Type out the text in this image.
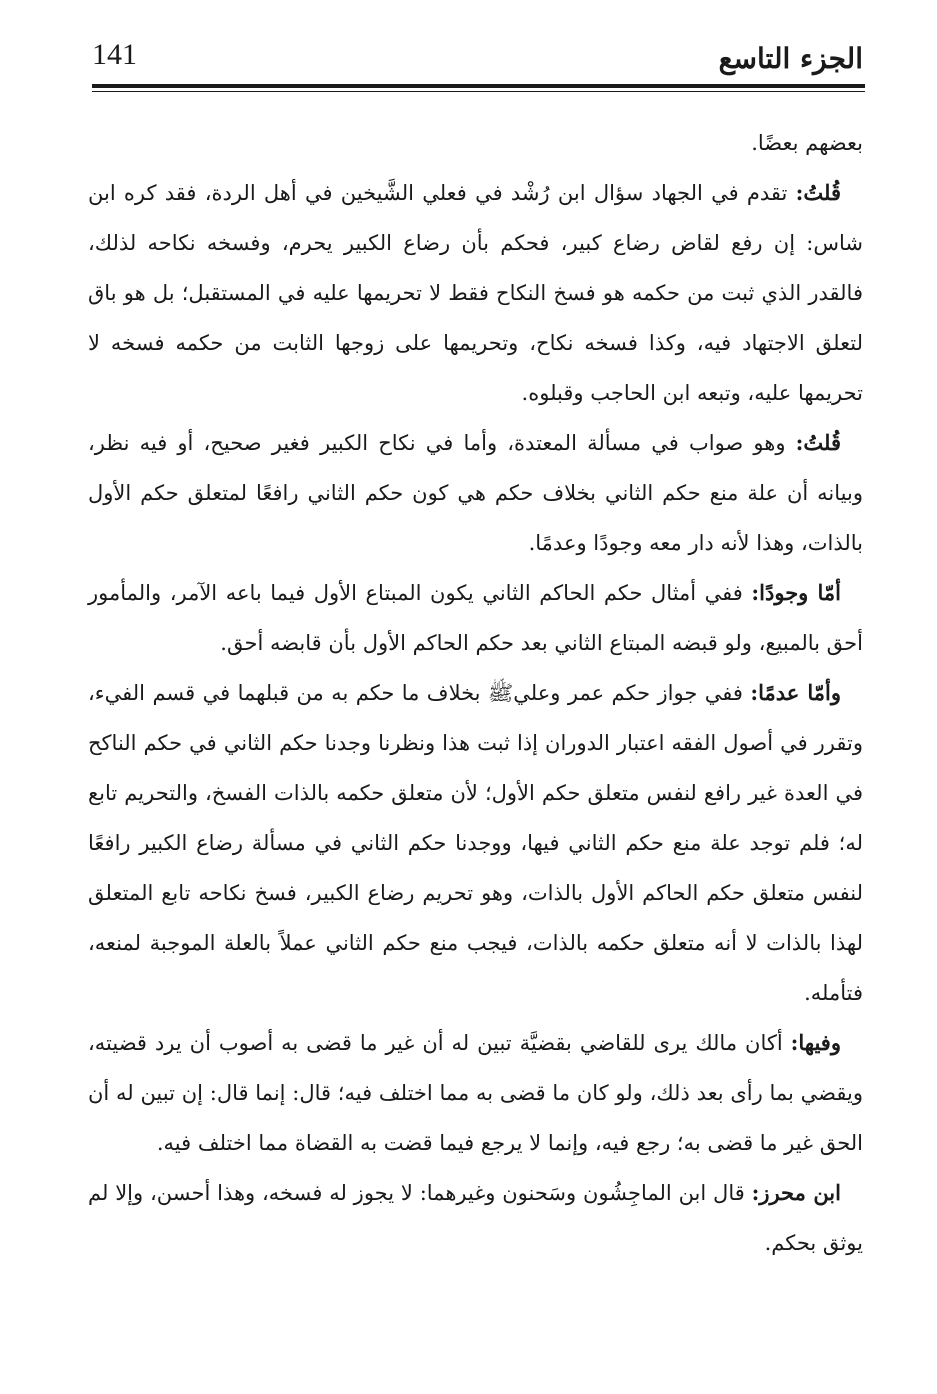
141	الجزء التاسع

بعضهم بعضًا.

قُلتُ: تقدم في الجهاد سؤال ابن رُشْد في فعلي الشَّيخين في أهل الردة، فقد كره ابن شاس: إن رفع لقاض رضاع كبير، فحكم بأن رضاع الكبير يحرم، وفسخه نكاحه لذلك، فالقدر الذي ثبت من حكمه هو فسخ النكاح فقط لا تحريمها عليه في المستقبل؛ بل هو باق لتعلق الاجتهاد فيه، وكذا فسخه نكاح، وتحريمها على زوجها الثابت من حكمه فسخه لا تحريمها عليه، وتبعه ابن الحاجب وقبلوه.

قُلتُ: وهو صواب في مسألة المعتدة، وأما في نكاح الكبير فغير صحيح، أو فيه نظر، وبيانه أن علة منع حكم الثاني بخلاف حكم هي كون حكم الثاني رافعًا لمتعلق حكم الأول بالذات، وهذا لأنه دار معه وجودًا وعدمًا.

أمّا وجودًا: ففي أمثال حكم الحاكم الثاني يكون المبتاع الأول فيما باعه الآمر، والمأمور أحق بالمبيع، ولو قبضه المبتاع الثاني بعد حكم الحاكم الأول بأن قابضه أحق.

وأمّا عدمًا: ففي جواز حكم عمر وعليﷺ بخلاف ما حكم به من قبلهما في قسم الفيء، وتقرر في أصول الفقه اعتبار الدوران إذا ثبت هذا ونظرنا وجدنا حكم الثاني في حكم الناكح في العدة غير رافع لنفس متعلق حكم الأول؛ لأن متعلق حكمه بالذات الفسخ، والتحريم تابع له؛ فلم توجد علة منع حكم الثاني فيها، ووجدنا حكم الثاني في مسألة رضاع الكبير رافعًا لنفس متعلق حكم الحاكم الأول بالذات، وهو تحريم رضاع الكبير، فسخ نكاحه تابع المتعلق لهذا بالذات لا أنه متعلق حكمه بالذات، فيجب منع حكم الثاني عملاً بالعلة الموجبة لمنعه، فتأمله.

وفيها: أكان مالك يرى للقاضي بقضيَّة تبين له أن غير ما قضى به أصوب أن يرد قضيته، ويقضي بما رأى بعد ذلك، ولو كان ما قضى به مما اختلف فيه؛ قال: إنما قال: إن تبين له أن الحق غير ما قضى به؛ رجع فيه، وإنما لا يرجع فيما قضت به القضاة مما اختلف فيه.

ابن محرز: قال ابن الماجِشُون وسَحنون وغيرهما: لا يجوز له فسخه، وهذا أحسن، وإلا لم يوثق بحكم.
